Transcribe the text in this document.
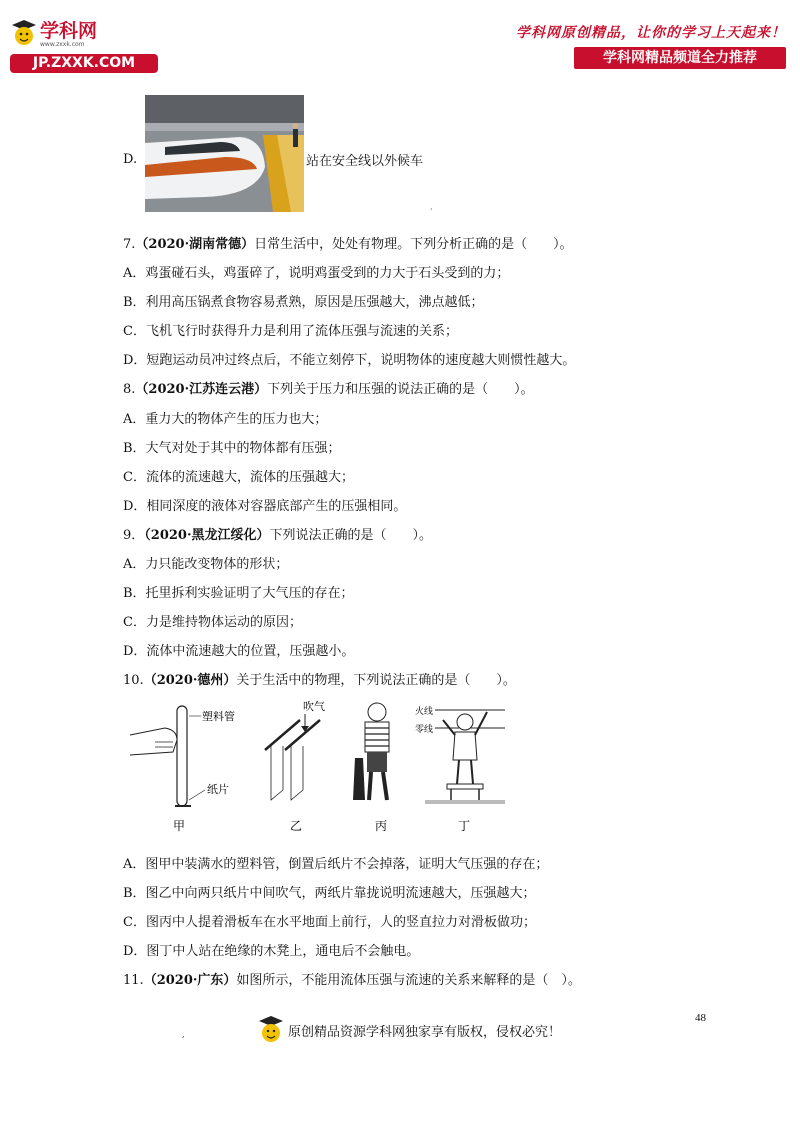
学科网
www.zxxk.com
JP.ZXXK.COM
学科网原创精品，让你的学习上天起来！
学科网精品频道全力推荐
D.	站在安全线以外候车
·
7.（2020·湖南常德）日常生活中，处处有物理。下列分析正确的是（　　）。
A．鸡蛋碰石头，鸡蛋碎了，说明鸡蛋受到的力大于石头受到的力；
B．利用高压锅煮食物容易煮熟，原因是压强越大，沸点越低；
C．飞机飞行时获得升力是利用了流体压强与流速的关系；
D．短跑运动员冲过终点后，不能立刻停下，说明物体的速度越大则惯性越大。
8.（2020·江苏连云港）下列关于压力和压强的说法正确的是（　　）。
A．重力大的物体产生的压力也大；
B．大气对处于其中的物体都有压强；
C．流体的流速越大，流体的压强越大；
D．相同深度的液体对容器底部产生的压强相同。
9．（2020·黑龙江绥化）下列说法正确的是（　　）。
A．力只能改变物体的形状；
B．托里拆利实验证明了大气压的存在；
C．力是维持物体运动的原因；
D．流体中流速越大的位置，压强越小。
10.（2020·德州）关于生活中的物理，下列说法正确的是（　　）。
塑料管
纸片
甲
吹气
乙	丙
火线
零线
丁
A．图甲中装满水的塑料管，倒置后纸片不会掉落，证明大气压强的存在；
B．图乙中向两只纸片中间吹气，两纸片靠拢说明流速越大，压强越大；
C．图丙中人提着滑板车在水平地面上前行，人的竖直拉力对滑板做功；
D．图丁中人站在绝缘的木凳上，通电后不会触电。
11.（2020·广东）如图所示，不能用流体压强与流速的关系来解释的是（　）。
48
,	原创精品资源学科网独家享有版权，侵权必究！
